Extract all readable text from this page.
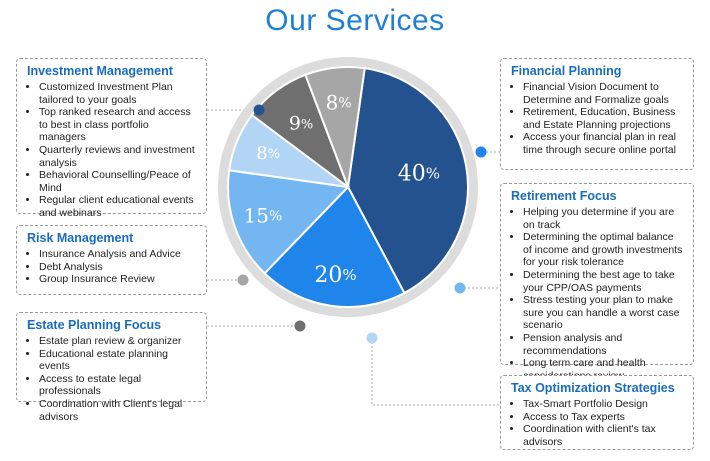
Our Services
40%
20%
15%
8%
9%
8%
Investment Management
• Customized Investment Plan tailored to your goals
• Top ranked research and access to best in class portfolio managers
• Quarterly reviews and investment analysis
• Behavioral Counselling/Peace of Mind
• Regular client educational events and webinars
Risk Management
• Insurance Analysis and Advice
• Debt Analysis
• Group Insurance Review
Estate Planning Focus
• Estate plan review & organizer
• Educational estate planning events
• Access to estate legal professionals
• Coordination with Client's legal advisors
Financial Planning
• Financial Vision Document to Determine and Formalize goals
• Retirement, Education, Business and Estate Planning projections
• Access your financial plan in real time through secure online portal
Retirement Focus
• Helping you determine if you are on track
• Determining the optimal balance of income and growth investments for your risk tolerance
• Determining the best age to take your CPP/OAS payments
• Stress testing your plan to make sure you can handle a worst case scenario
• Pension analysis and recommendations
• Long term care and health
Tax Optimization Strategies
• Tax-Smart Portfolio Design
• Access to Tax experts
• Coordination with client's tax advisors
